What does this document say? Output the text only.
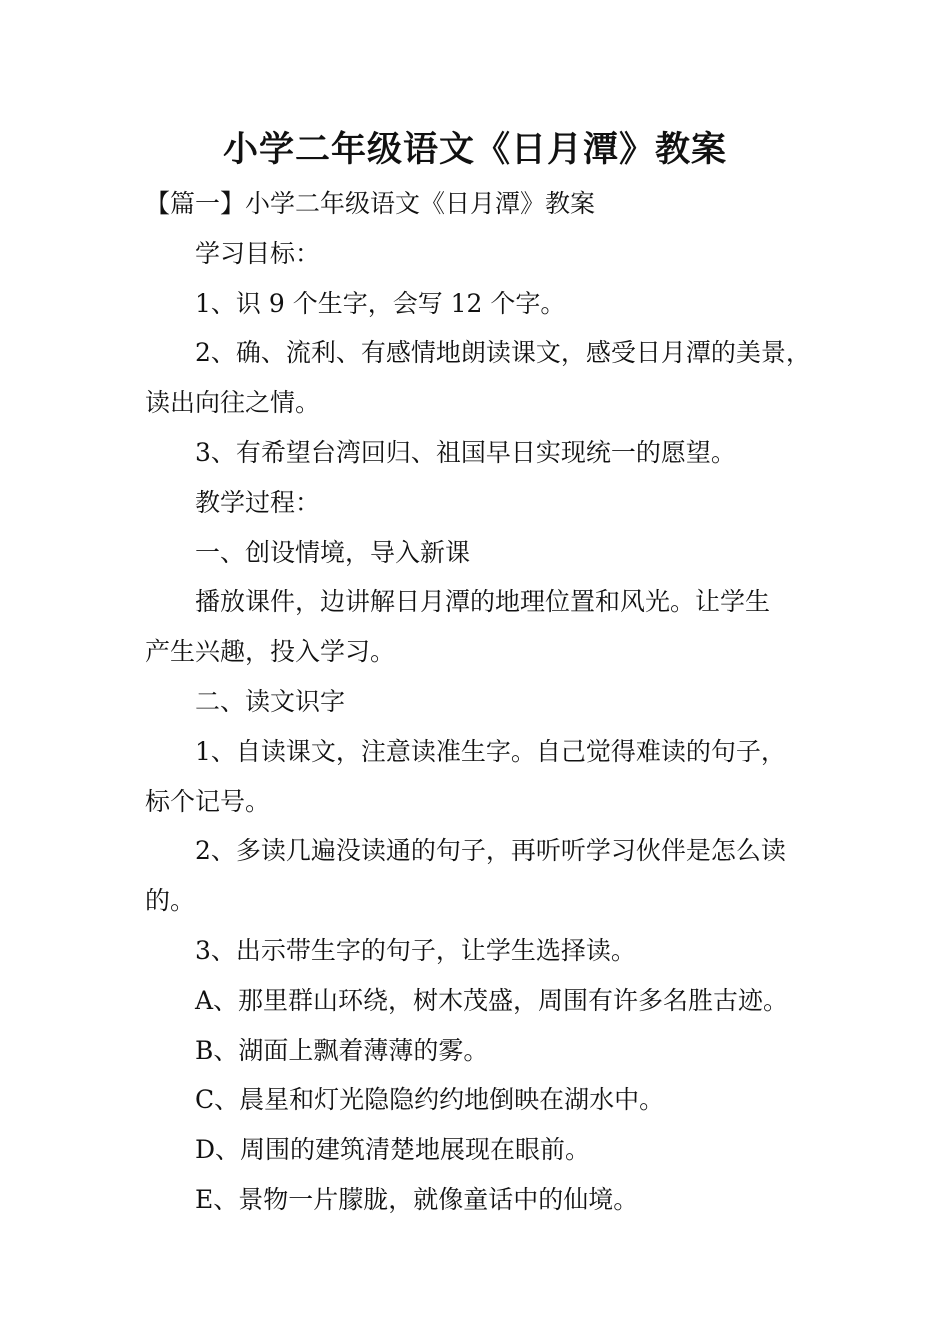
小学二年级语文《日月潭》教案

【篇一】小学二年级语文《日月潭》教案

学习目标：

1、识 9 个生字，会写 12 个字。

2、确、流利、有感情地朗读课文，感受日月潭的美景，

读出向往之情。

3、有希望台湾回归、祖国早日实现统一的愿望。

教学过程：

一、创设情境，导入新课

播放课件，边讲解日月潭的地理位置和风光。让学生

产生兴趣，投入学习。

二、读文识字

1、自读课文，注意读准生字。自己觉得难读的句子，

标个记号。

2、多读几遍没读通的句子，再听听学习伙伴是怎么读

的。

3、出示带生字的句子，让学生选择读。

A、那里群山环绕，树木茂盛，周围有许多名胜古迹。

B、湖面上飘着薄薄的雾。

C、晨星和灯光隐隐约约地倒映在湖水中。

D、周围的建筑清楚地展现在眼前。

E、景物一片朦胧，就像童话中的仙境。
